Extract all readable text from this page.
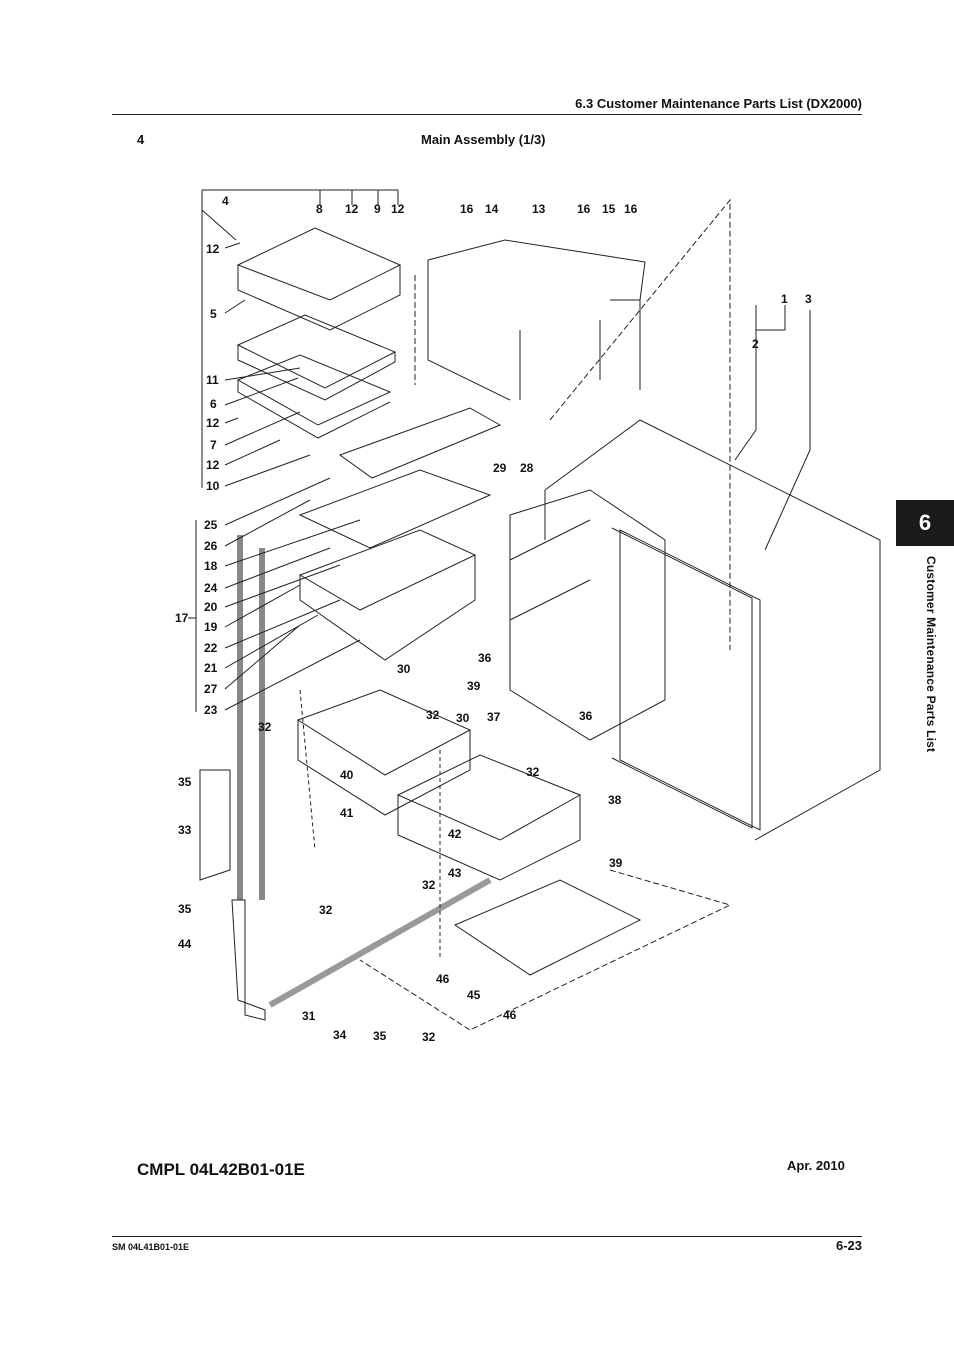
6.3 Customer Maintenance Parts List (DX2000)
4	Main Assembly (1/3)
6
Customer Maintenance Parts List
4
8 12 9 12
12
5
11
6
12
7
12
10
16 14	13	16 15 16
1 3
2
29 28
25
26
18
24
20
17
19
22
21
27
23
30
36
39
32 30 37	36
32
40	32
35
38
41
33	42
39
43
32
35	32
44
46
45
31	46
34 35	32
CMPL 04L42B01-01E	Apr. 2010
SM 04L41B01-01E	6-23
